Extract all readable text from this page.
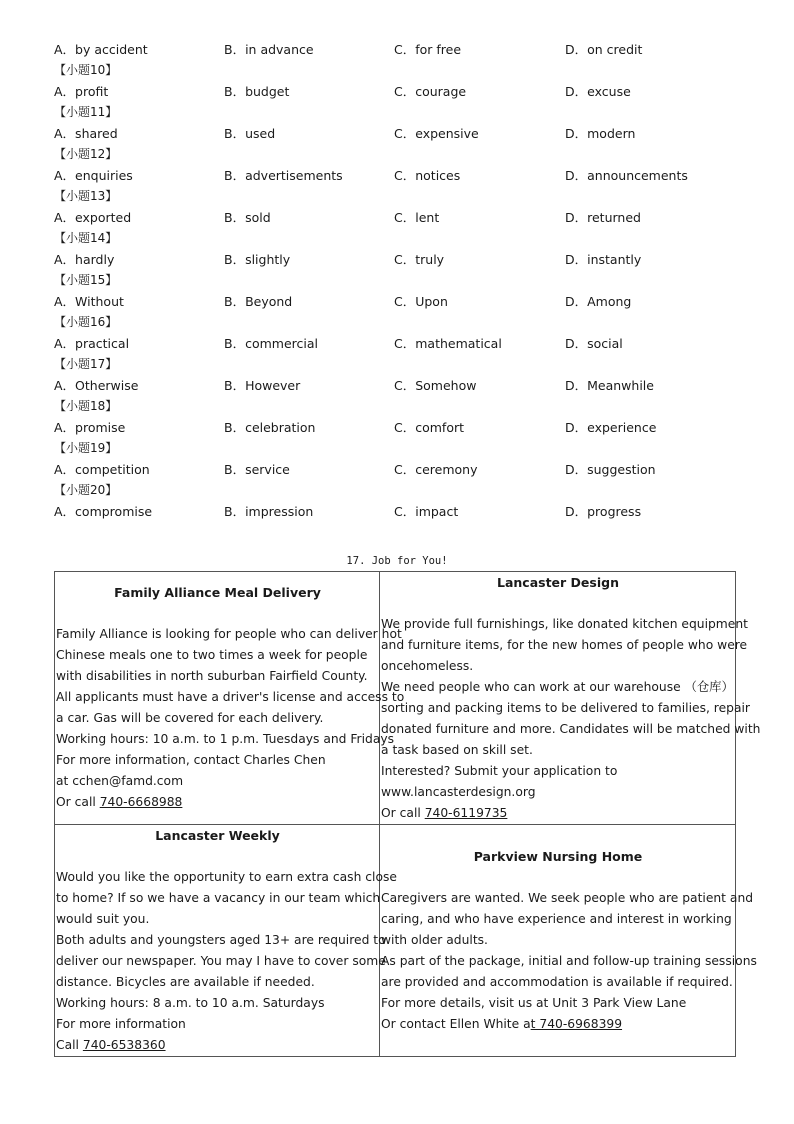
A．by accident	B．in advance	C．for free	D．on credit
【小题10】
A．profit	B．budget	C．courage	D．excuse
【小题11】
A．shared	B．used	C．expensive	D．modern
【小题12】
A．enquiries	B．advertisements	C．notices	D．announcements
【小题13】
A．exported	B．sold	C．lent	D．returned
【小题14】
A．hardly	B．slightly	C．truly	D．instantly
【小题15】
A．Without	B．Beyond	C．Upon	D．Among
【小题16】
A．practical	B．commercial	C．mathematical	D．social
【小题17】
A．Otherwise	B．However	C．Somehow	D．Meanwhile
【小题18】
A．promise	B．celebration	C．comfort	D．experience
【小题19】
A．competition	B．service	C．ceremony	D．suggestion
【小题20】
A．compromise	B．impression	C．impact	D．progress
17. Job for You!
Family Alliance Meal Delivery
Family Alliance is looking for people who can deliver hot
Chinese meals one to two times a week for people
with disabilities in north suburban Fairfield County.
All applicants must have a driver's license and access to
a car. Gas will be covered for each delivery.
Working hours: 10 a.m. to 1 p.m. Tuesdays and Fridays
For more information, contact Charles Chen
at cchen@famd.com
Or call 740-6668988

Lancaster Design
We provide full furnishings, like donated kitchen equipment
and furniture items, for the new homes of people who were
oncehomeless.
We need people who can work at our warehouse （仓库）
sorting and packing items to be delivered to families, repair
donated furniture and more. Candidates will be matched with
a task based on skill set.
Interested? Submit your application to
www.lancasterdesign.org
Or call 740-6119735

Lancaster Weekly
Would you like the opportunity to earn extra cash close
to home? If so we have a vacancy in our team which
would suit you.
Both adults and youngsters aged 13+ are required to
deliver our newspaper. You may I have to cover some
distance. Bicycles are available if needed.
Working hours: 8 a.m. to 10 a.m. Saturdays
For more information
Call 740-6538360

Parkview Nursing Home
Caregivers are wanted. We seek people who are patient and
caring, and who have experience and interest in working
with older adults.
As part of the package, initial and follow-up training sessions
are provided and accommodation is available if required.
For more details, visit us at Unit 3 Park View Lane
Or contact Ellen White at 740-6968399
